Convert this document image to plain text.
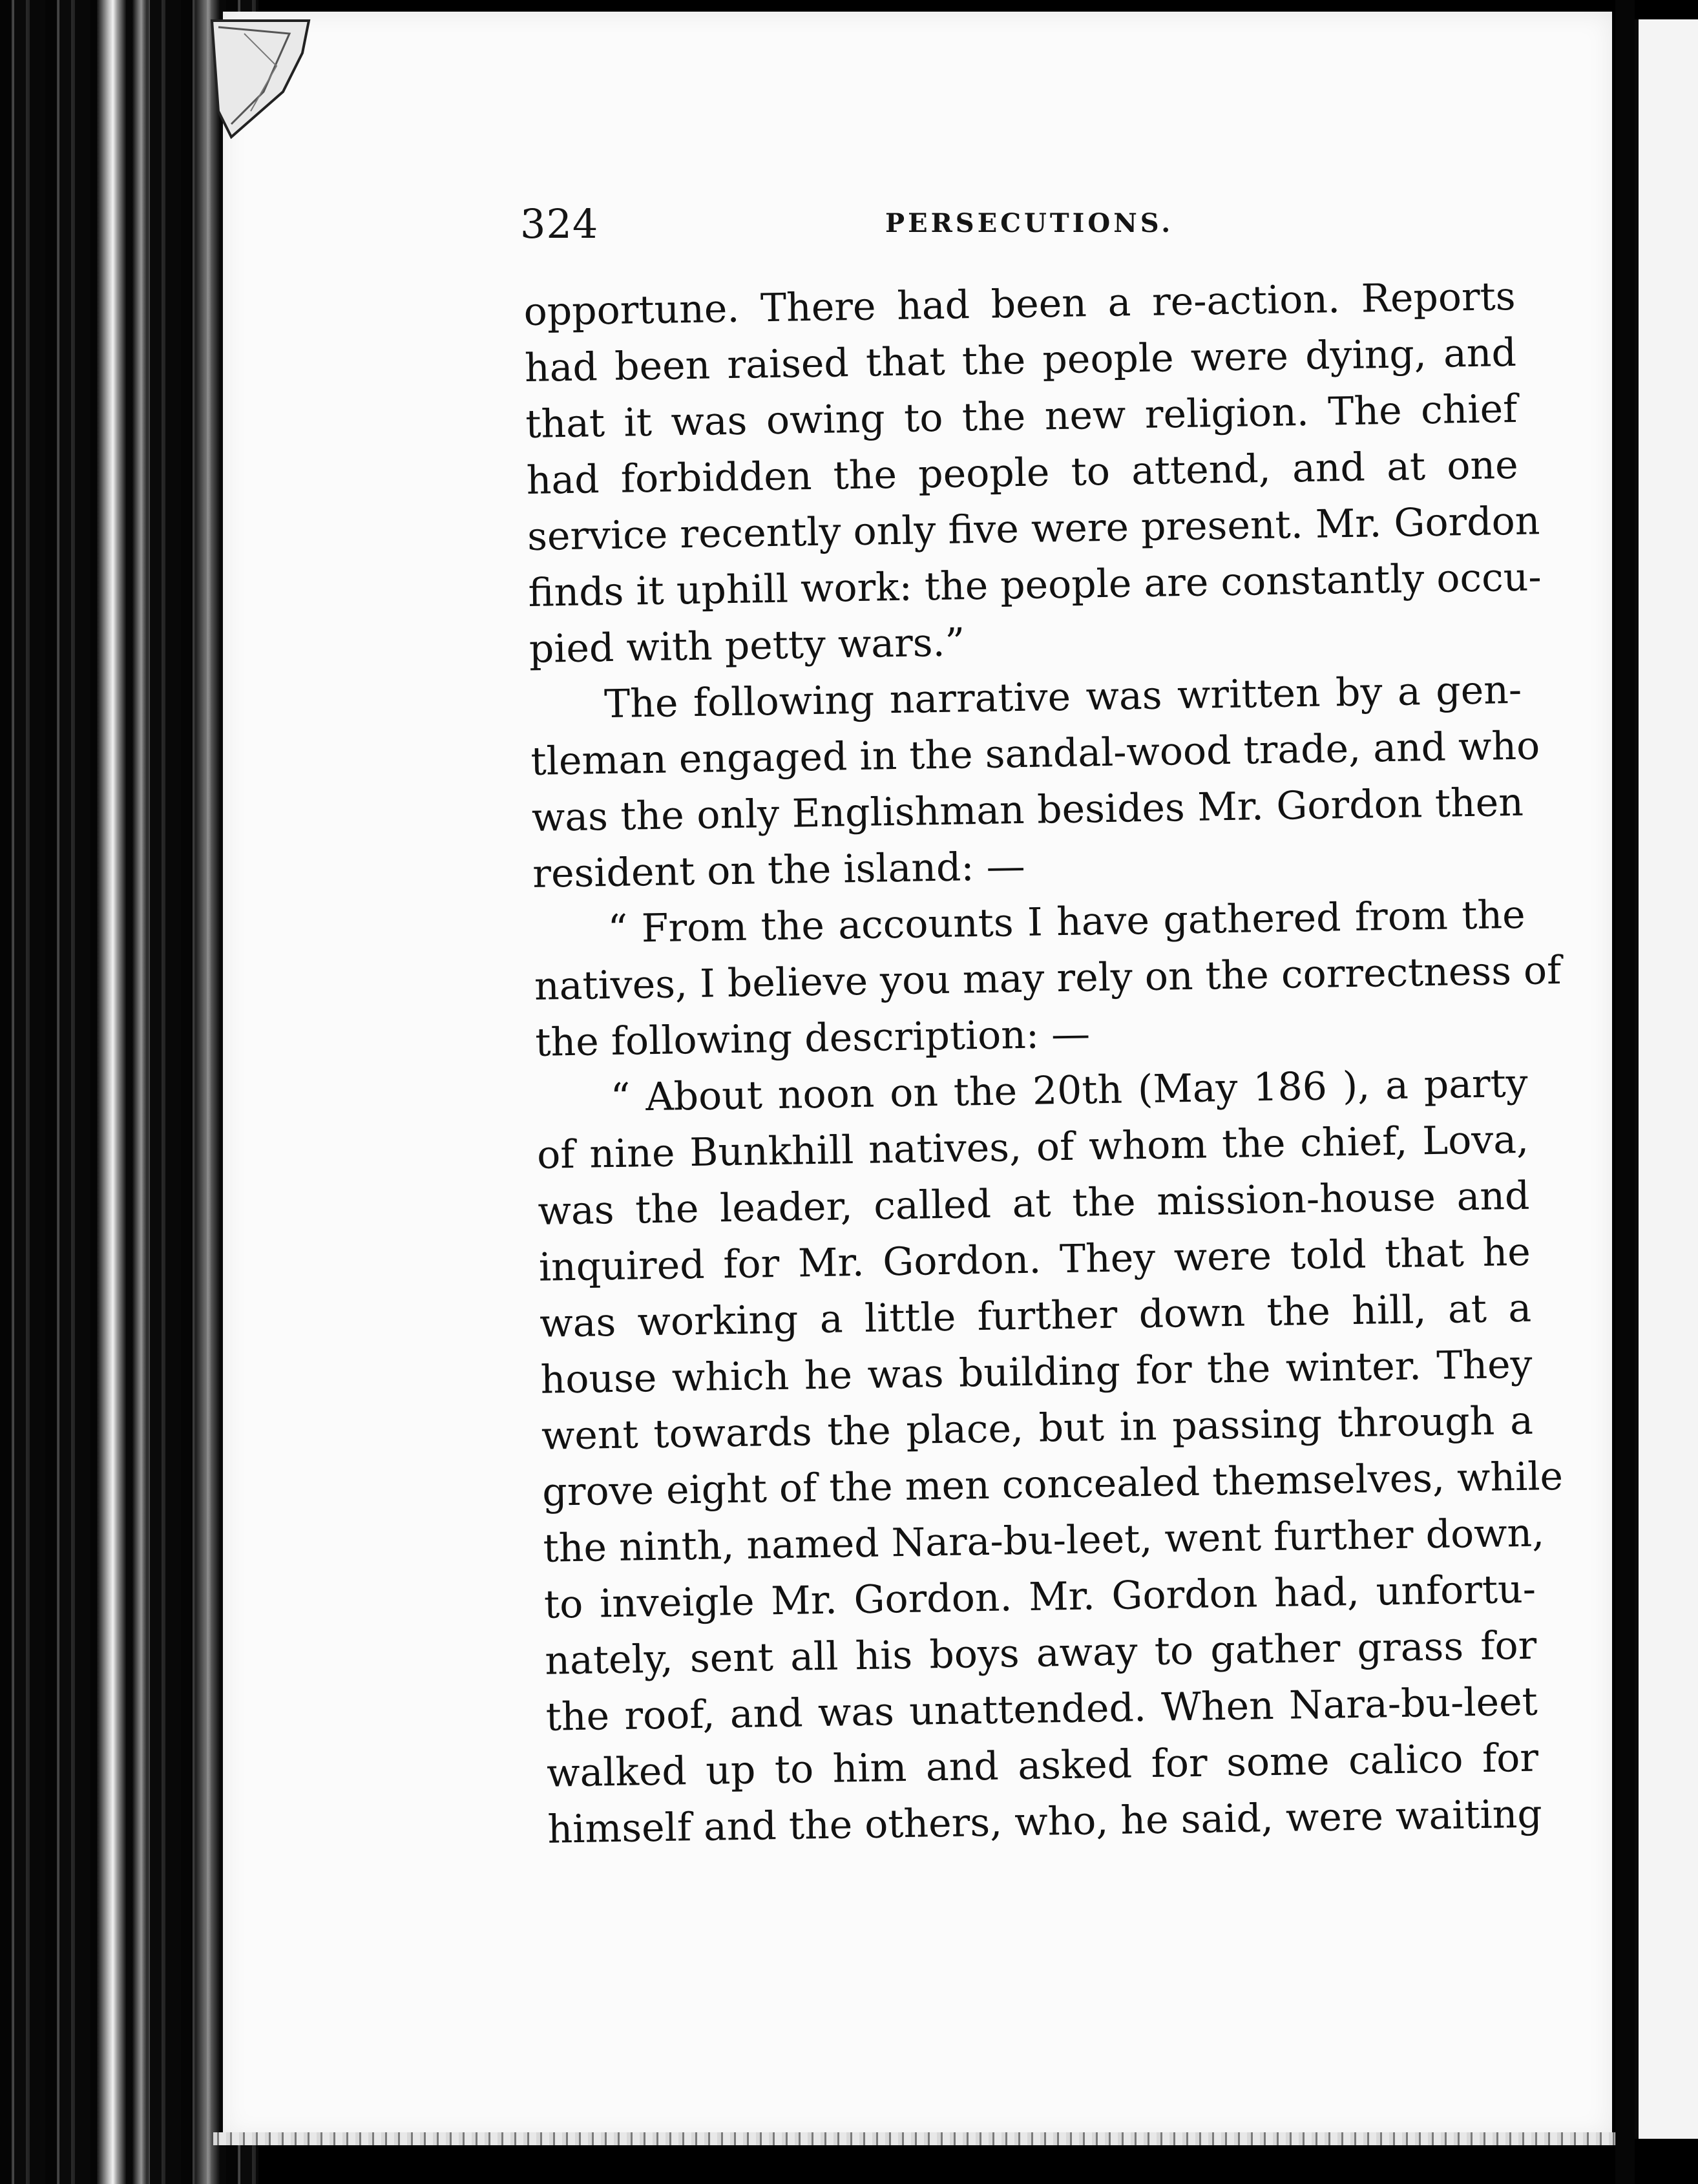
324	PERSECUTIONS.
opportune. There had been a re-action. Reports
had been raised that the people were dying, and
that it was owing to the new religion. The chief
had forbidden the people to attend, and at one
service recently only five were present. Mr. Gordon
finds it uphill work: the people are constantly occu-
pied with petty wars.”
The following narrative was written by a gen-
tleman engaged in the sandal-wood trade, and who
was the only Englishman besides Mr. Gordon then
resident on the island: —
“ From the accounts I have gathered from the
natives, I believe you may rely on the correctness of
the following description: —
“ About noon on the 20th (May 186 ), a party
of nine Bunkhill natives, of whom the chief, Lova,
was the leader, called at the mission-house and
inquired for Mr. Gordon. They were told that he
was working a little further down the hill, at a
house which he was building for the winter. They
went towards the place, but in passing through a
grove eight of the men concealed themselves, while
the ninth, named Nara-bu-leet, went further down,
to inveigle Mr. Gordon. Mr. Gordon had, unfortu-
nately, sent all his boys away to gather grass for
the roof, and was unattended. When Nara-bu-leet
walked up to him and asked for some calico for
himself and the others, who, he said, were waiting
